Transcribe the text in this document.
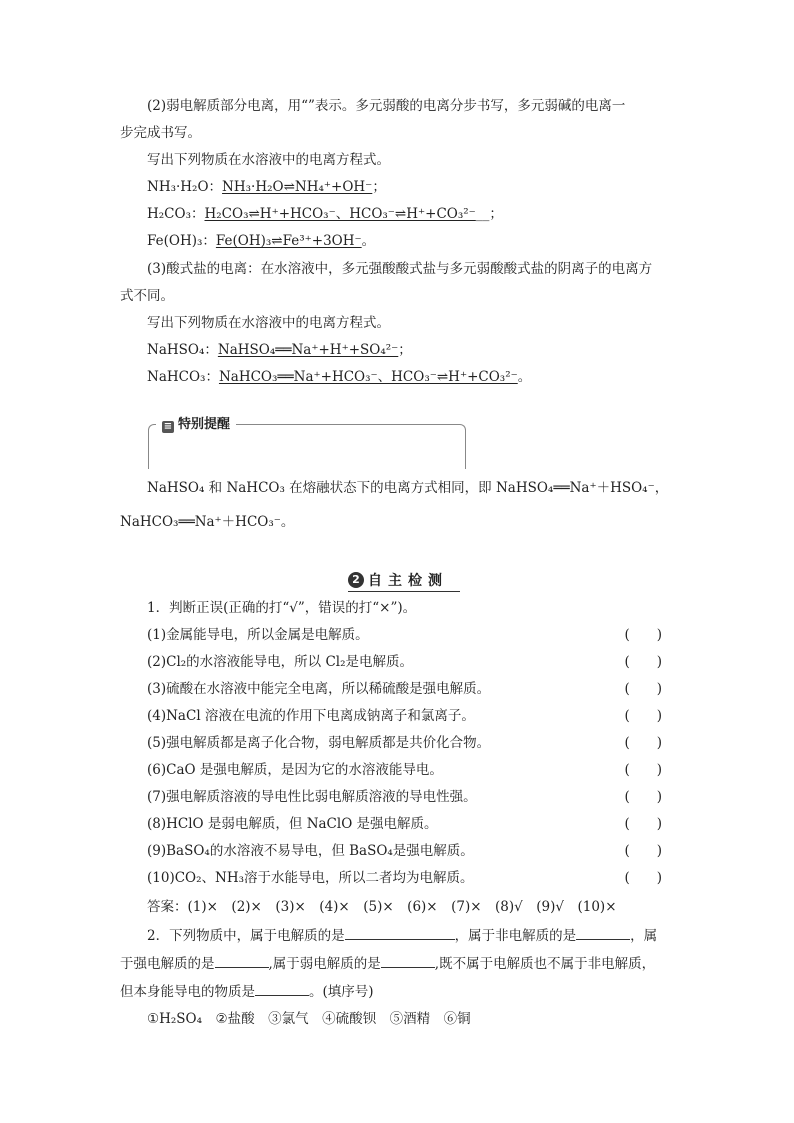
(2)弱电解质部分电离，用“”表示。多元弱酸的电离分步书写，多元弱碱的电离一
步完成书写。
写出下列物质在水溶液中的电离方程式。
NH₃·H₂O：NH₃·H₂O⇌NH₄⁺+OH⁻；
H₂CO₃：H₂CO₃⇌H⁺+HCO₃⁻、HCO₃⁻⇌H⁺+CO₃²⁻__；
Fe(OH)₃：Fe(OH)₃⇌Fe³⁺+3OH⁻。
(3)酸式盐的电离：在水溶液中，多元强酸酸式盐与多元弱酸酸式盐的阴离子的电离方
式不同。
写出下列物质在水溶液中的电离方程式。
NaHSO₄：NaHSO₄══Na⁺+H⁺+SO₄²⁻；
NaHCO₃：NaHCO₃══Na⁺+HCO₃⁻、HCO₃⁻⇌H⁺+CO₃²⁻。
≡ 特别提醒
NaHSO₄ 和 NaHCO₃ 在熔融状态下的电离方式相同，即 NaHSO₄══Na⁺＋HSO₄⁻，
NaHCO₃══Na⁺＋HCO₃⁻。
2 自主检测
1．判断正误(正确的打“√”，错误的打“×”)。
(1)金属能导电，所以金属是电解质。	(　　)
(2)Cl₂的水溶液能导电，所以 Cl₂是电解质。	(　　)
(3)硫酸在水溶液中能完全电离，所以稀硫酸是强电解质。	(　　)
(4)NaCl 溶液在电流的作用下电离成钠离子和氯离子。	(　　)
(5)强电解质都是离子化合物，弱电解质都是共价化合物。	(　　)
(6)CaO 是强电解质，是因为它的水溶液能导电。	(　　)
(7)强电解质溶液的导电性比弱电解质溶液的导电性强。	(　　)
(8)HClO 是弱电解质，但 NaClO 是强电解质。	(　　)
(9)BaSO₄的水溶液不易导电，但 BaSO₄是强电解质。	(　　)
(10)CO₂、NH₃溶于水能导电，所以二者均为电解质。	(　　)
答案：(1)×　(2)×　(3)×　(4)×　(5)×　(6)×　(7)×　(8)√　(9)√　(10)×
2．下列物质中，属于电解质的是	，属于非电解质的是	，属
于强电解质的是	,属于弱电解质的是	,既不属于电解质也不属于非电解质，
但本身能导电的物质是	。(填序号)
①H₂SO₄　②盐酸　③氯气　④硫酸钡　⑤酒精　⑥铜
